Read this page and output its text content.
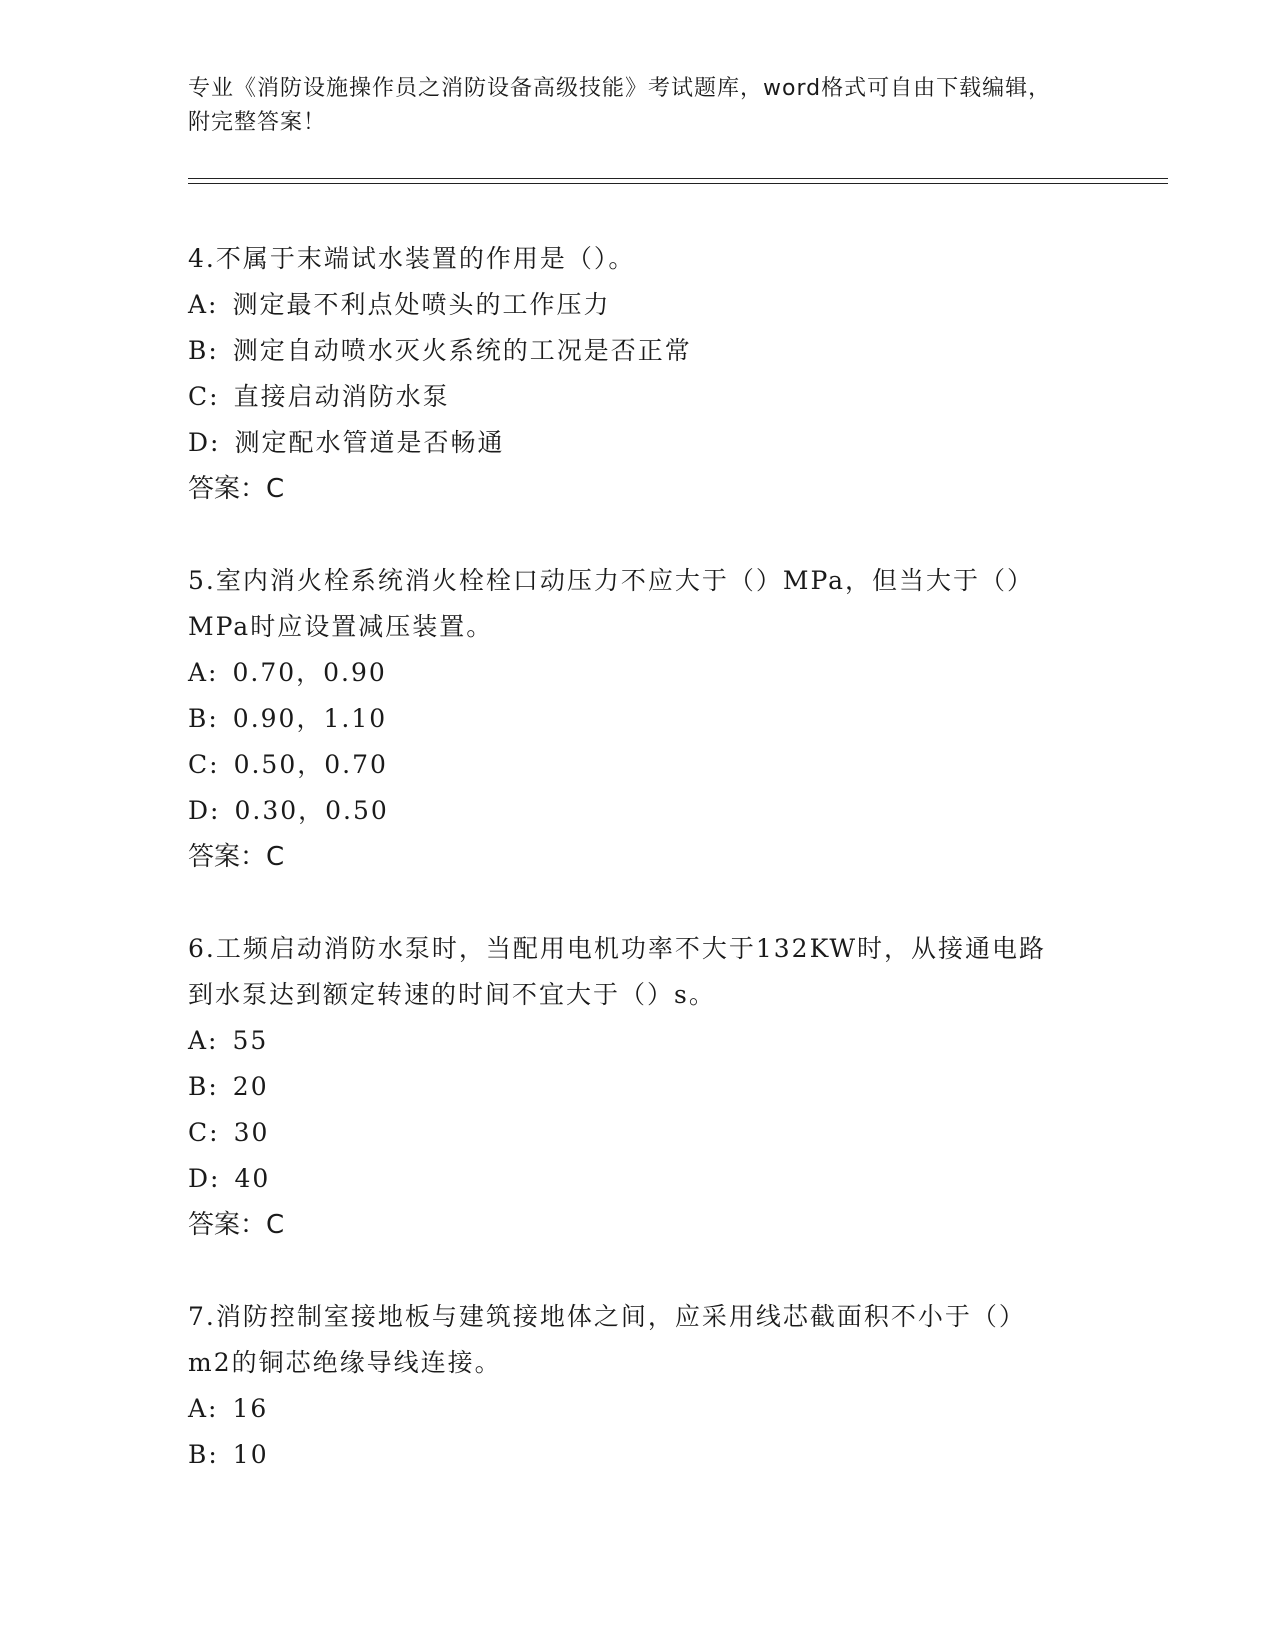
专业《消防设施操作员之消防设备高级技能》考试题库，word格式可自由下载编辑，附完整答案！
4.不属于末端试水装置的作用是（）。
A: 测定最不利点处喷头的工作压力
B: 测定自动喷水灭火系统的工况是否正常
C: 直接启动消防水泵
D: 测定配水管道是否畅通
答案：C
5.室内消火栓系统消火栓栓口动压力不应大于（）MPa，但当大于（）MPa时应设置减压装置。
A: 0.70，0.90
B: 0.90，1.10
C: 0.50，0.70
D: 0.30，0.50
答案：C
6.工频启动消防水泵时，当配用电机功率不大于132KW时，从接通电路到水泵达到额定转速的时间不宜大于（）s。
A: 55
B: 20
C: 30
D: 40
答案：C
7.消防控制室接地板与建筑接地体之间，应采用线芯截面积不小于（）m2的铜芯绝缘导线连接。
A: 16
B: 10
